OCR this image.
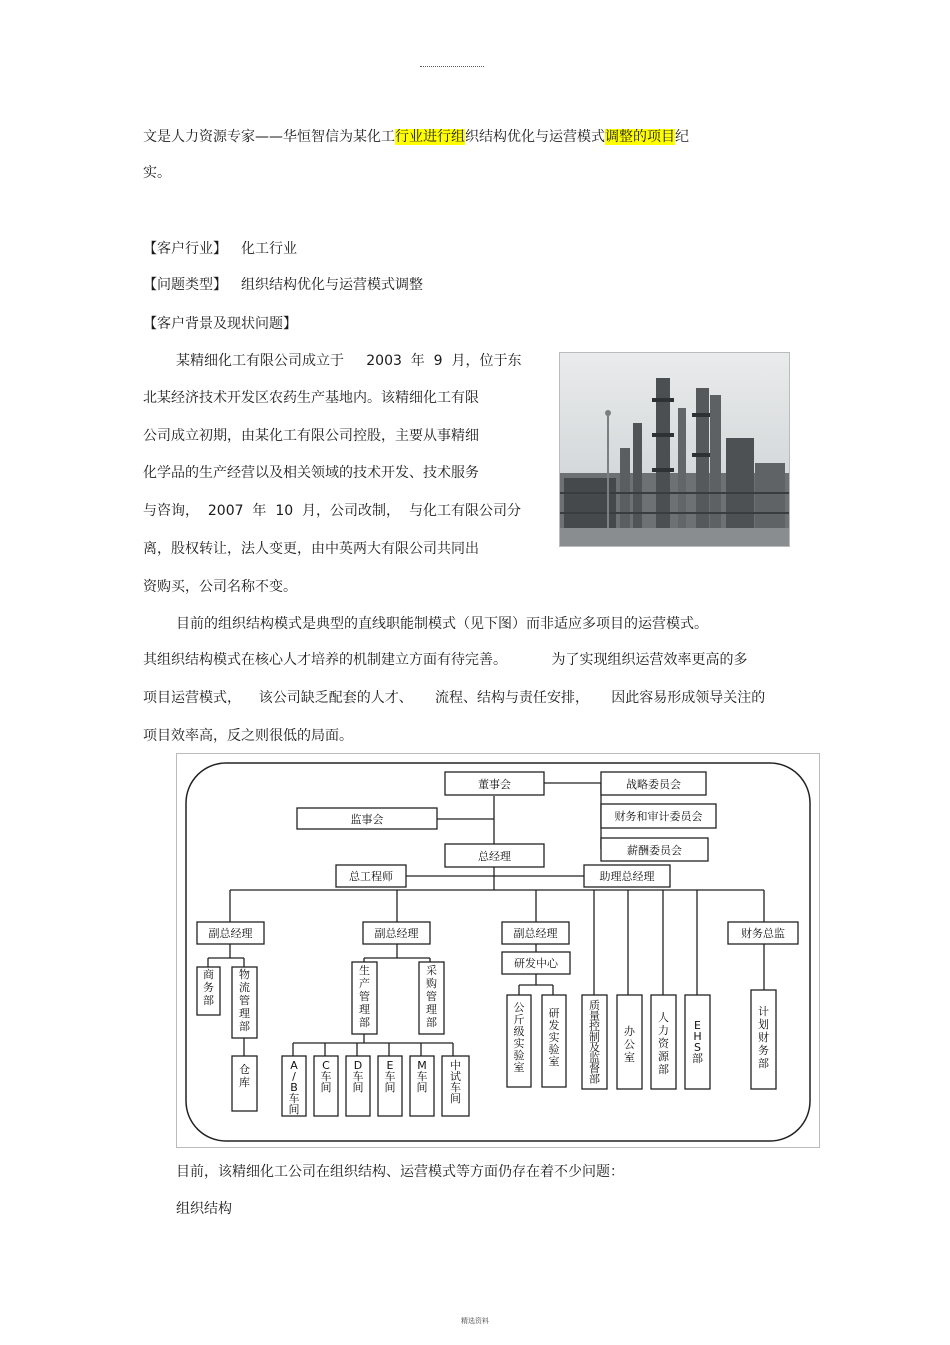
文是人力资源专家——华恒智信为某化工行业进行组织结构优化与运营模式调整的项目纪
实。
【客户行业】 化工行业
【问题类型】 组织结构优化与运营模式调整
【客户背景及现状问题】
某精细化工有限公司成立于     2003  年  9  月，位于东
北某经济技术开发区农药生产基地内。该精细化工有限
公司成立初期，由某化工有限公司控股，主要从事精细
化学品的生产经营以及相关领域的技术开发、技术服务
与咨询，  2007  年  10  月，公司改制，  与化工有限公司分
离，股权转让，法人变更，由中英两大有限公司共同出
资购买，公司名称不变。
目前的组织结构模式是典型的直线职能制模式（见下图）而非适应多项目的运营模式。
其组织结构模式在核心人才培养的机制建立方面有待完善。          为了实现组织运营效率更高的多
项目运营模式，    该公司缺乏配套的人才、     流程、结构与责任安排，     因此容易形成领导关注的
项目效率高，反之则很低的局面。
董事会	战略委员会
财务和审计委员会
薪酬委员会
监事会
总经理
总工程师	助理总经理
副总经理	副总经理	副总经理	财务总监
研发中心
商务部
物流管理部
仓库
生产管理部
采购管理部
A / B 车间
C 车间
D 车间
E 车间
M 车间
中试车间
公斤级实验室
研发实验室
质量控制及监督部
办公室
人力资源部
E H S 部
计划财务部
目前，该精细化工公司在组织结构、运营模式等方面仍存在着不少问题：
组织结构
精选资料
